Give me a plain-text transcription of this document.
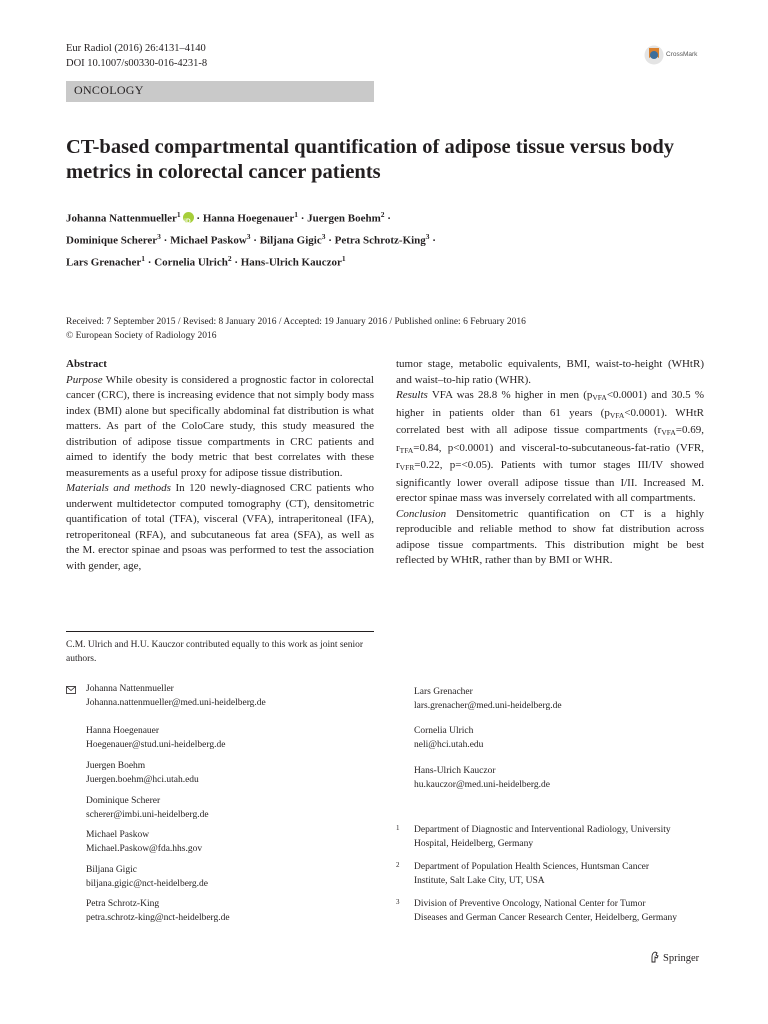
Eur Radiol (2016) 26:4131–4140
DOI 10.1007/s00330-016-4231-8
CrossMark
ONCOLOGY
CT-based compartmental quantification of adipose tissue versus body metrics in colorectal cancer patients
Johanna Nattenmueller$^1$iD · Hanna Hoegenauer$^1$ · Juergen Boehm$^2$ ·
Dominique Scherer$^3$ · Michael Paskow$^3$ · Biljana Gigic$^3$ · Petra Schrotz-King$^3$ ·
Lars Grenacher$^1$ · Cornelia Ulrich$^2$ · Hans-Ulrich Kauczor$^1$
Received: 7 September 2015 / Revised: 8 January 2016 / Accepted: 19 January 2016 / Published online: 6 February 2016
© European Society of Radiology 2016

Abstract

Purpose While obesity is considered a prognostic factor in colorectal cancer (CRC), there is increasing evidence that not simply body mass index (BMI) alone but specifically abdominal fat distribution is what matters. As part of the ColoCare study, this study measured the distribution of adipose tissue compartments in CRC patients and aimed to identify the body metric that best correlates with these measurements as a useful proxy for adipose tissue distribution.

Materials and methods In 120 newly-diagnosed CRC patients who underwent multidetector computed tomography (CT), densitometric quantification of total (TFA), visceral (VFA), intraperitoneal (IFA), retroperitoneal (RFA), and subcutaneous fat area (SFA), as well as the M. erector spinae and psoas was performed to test the association with gender, age,

tumor stage, metabolic equivalents, BMI, waist-to-height (WHtR) and waist–to-hip ratio (WHR).

Results VFA was 28.8 % higher in men $(p_{VFA}<0.0001)$ and 30.5 % higher in patients older than 61 years $(p_{VFA}<0.0001)$. WHtR correlated best with all adipose tissue compartments ($r_{VFA}=0.69$, $r_{TFA}=0.84$, p<0.0001) and visceral-to-subcutaneous-fat-ratio (VFR, $r_{VFR}=0.22$, p=<0.05). Patients with tumor stages III/IV showed significantly lower overall adipose tissue than I/II. Increased M. erector spinae mass was inversely correlated with all compartments.

Conclusion Densitometric quantification on CT is a highly reproducible and reliable method to show fat distribution across adipose tissue compartments. This distribution might be best reflected by WHtR, rather than by BMI or WHR.

C.M. Ulrich and H.U. Kauczor contributed equally to this work as joint senior authors.
Johanna Nattenmueller
Johanna.nattenmueller@med.uni-heidelberg.de
Hanna Hoegenauer
Hoegenauer@stud.uni-heidelberg.de
Juergen Boehm
Juergen.boehm@hci.utah.edu
Dominique Scherer
scherer@imbi.uni-heidelberg.de
Michael Paskow
Michael.Paskow@fda.hhs.gov
Biljana Gigic
biljana.gigic@nct-heidelberg.de
Petra Schrotz-King
petra.schrotz-king@nct-heidelberg.de
Lars Grenacher
lars.grenacher@med.uni-heidelberg.de
Cornelia Ulrich
neli@hci.utah.edu
Hans-Ulrich Kauczor
hu.kauczor@med.uni-heidelberg.de
1 Department of Diagnostic and Interventional Radiology, University
Hospital, Heidelberg, Germany
2 Department of Population Health Sciences, Huntsman Cancer
Institute, Salt Lake City, UT, USA
3 Division of Preventive Oncology, National Center for Tumor
Diseases and German Cancer Research Center, Heidelberg, Germany
Springer
